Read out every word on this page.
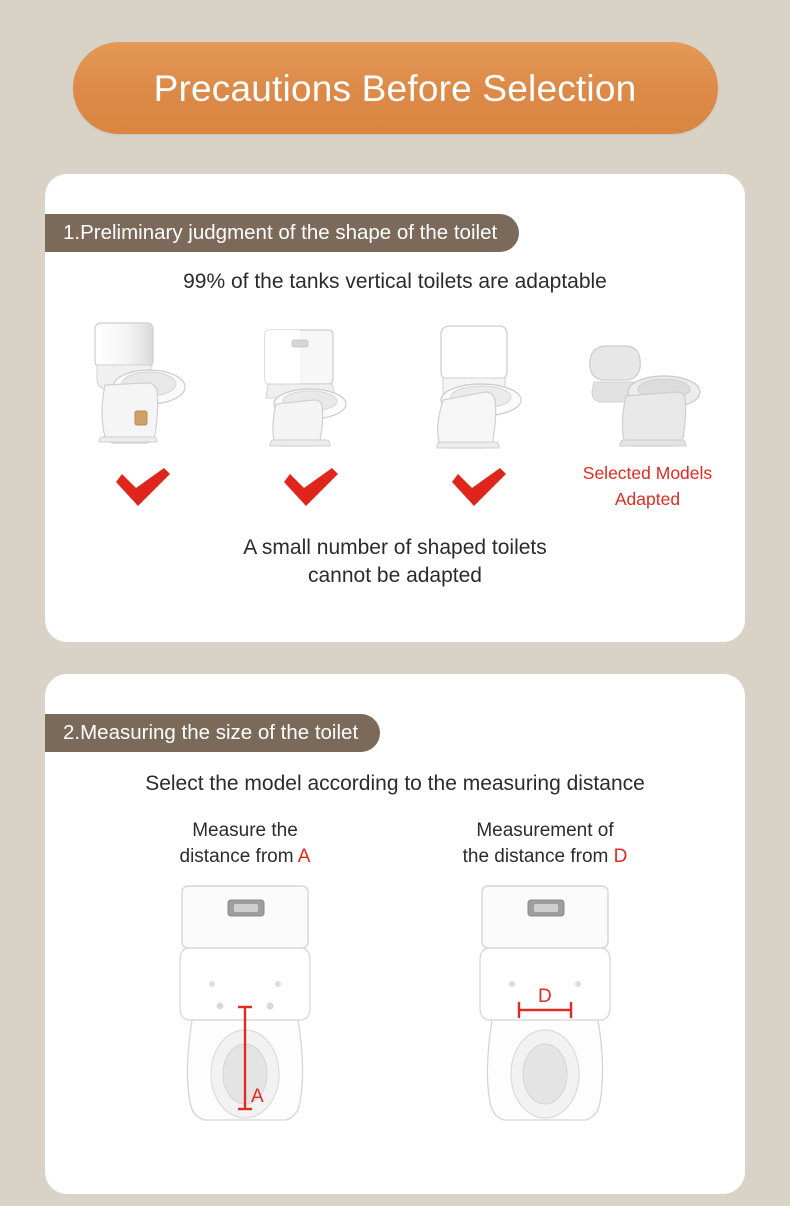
Precautions Before Selection
1.Preliminary judgment of the shape of the toilet
99% of the tanks vertical toilets are adaptable
Selected Models
Adapted
A small number of shaped toilets
cannot be adapted
2.Measuring the size of the toilet
Select the model according to the measuring distance
Measure the
distance from A
A
Measurement of
the distance from D
D
